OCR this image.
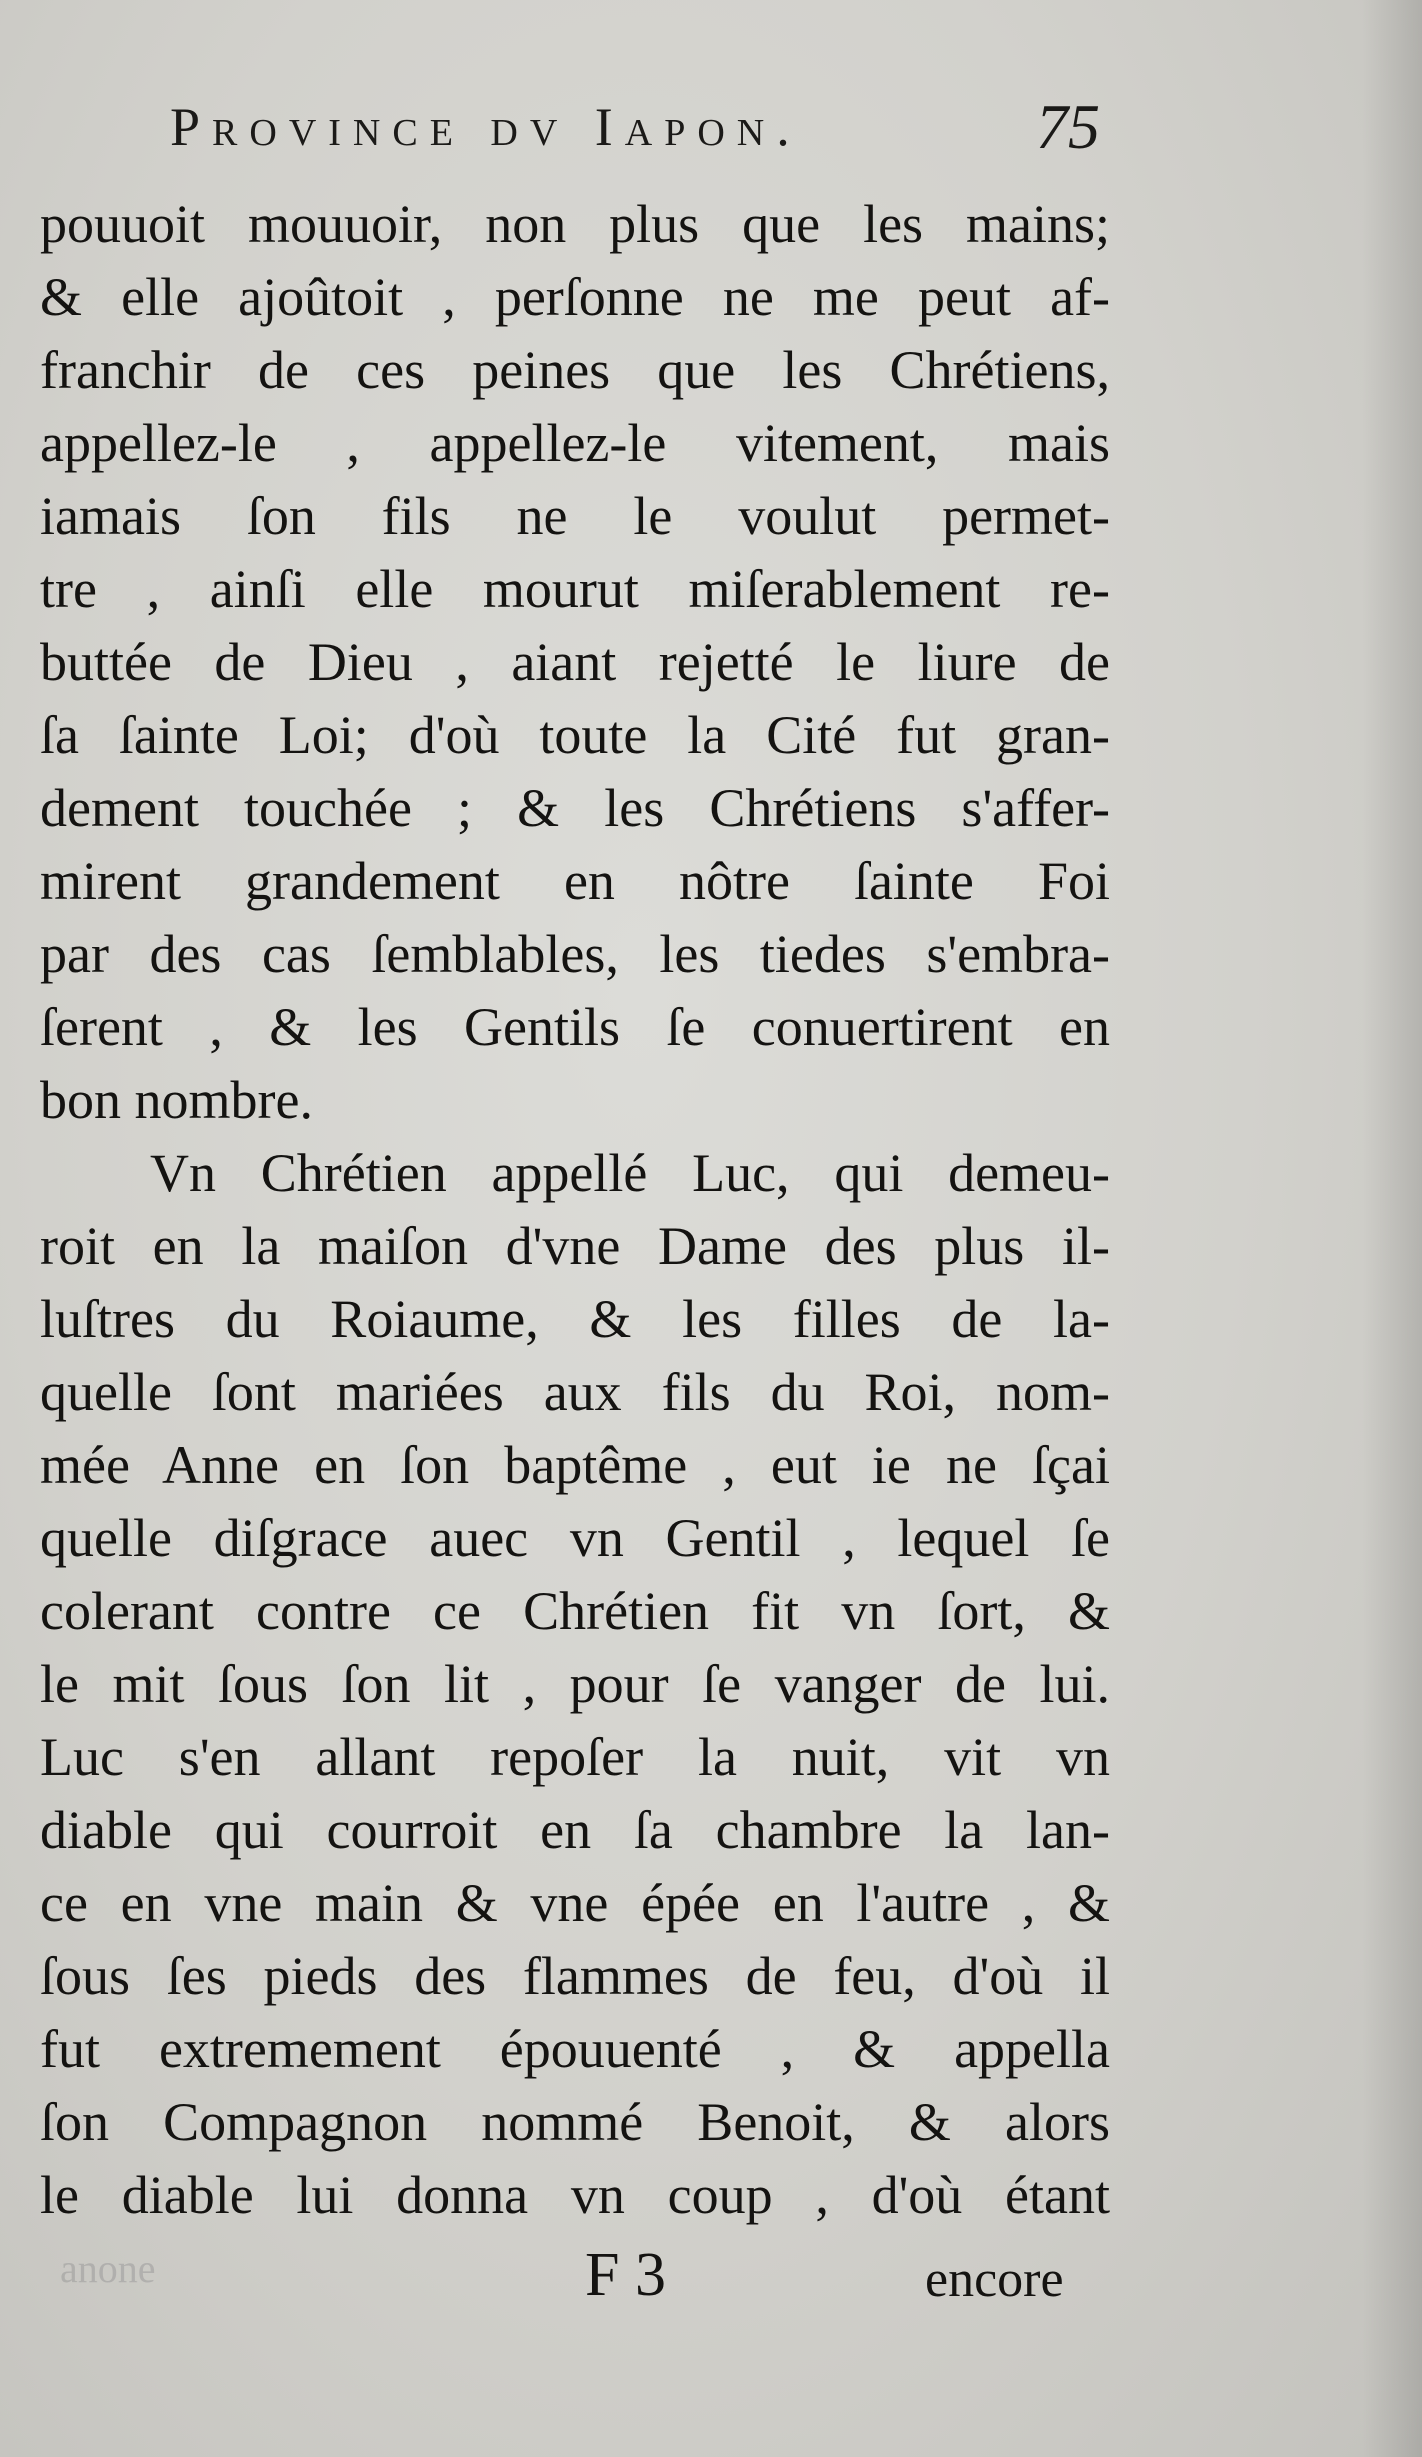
Province dv Iapon.	75
pouuoit mouuoir, non plus que les mains;
& elle ajoûtoit , perſonne ne me peut af-
franchir de ces peines que les Chrétiens,
appellez-le , appellez-le vitement, mais
iamais ſon fils ne le voulut permet-
tre , ainſi elle mourut miſerablement re-
buttée de Dieu , aiant rejetté le liure de
ſa ſainte Loi; d'où toute la Cité fut gran-
dement touchée ; & les Chrétiens s'affer-
mirent grandement en nôtre ſainte Foi
par des cas ſemblables, les tiedes s'embra-
ſerent , & les Gentils ſe conuertirent en
bon nombre.
Vn Chrétien appellé Luc, qui demeu-
roit en la maiſon d'vne Dame des plus il-
luſtres du Roiaume, & les filles de la-
quelle ſont mariées aux fils du Roi, nom-
mée Anne en ſon baptême , eut ie ne ſçai
quelle diſgrace auec vn Gentil , lequel ſe
colerant contre ce Chrétien fit vn ſort, &
le mit ſous ſon lit , pour ſe vanger de lui.
Luc s'en allant repoſer la nuit, vit vn
diable qui courroit en ſa chambre la lan-
ce en vne main & vne épée en l'autre , &
ſous ſes pieds des flammes de feu, d'où il
fut extremement épouuenté , & appella
ſon Compagnon nommé Benoit, & alors
le diable lui donna vn coup , d'où étant
anone	F 3	encore
